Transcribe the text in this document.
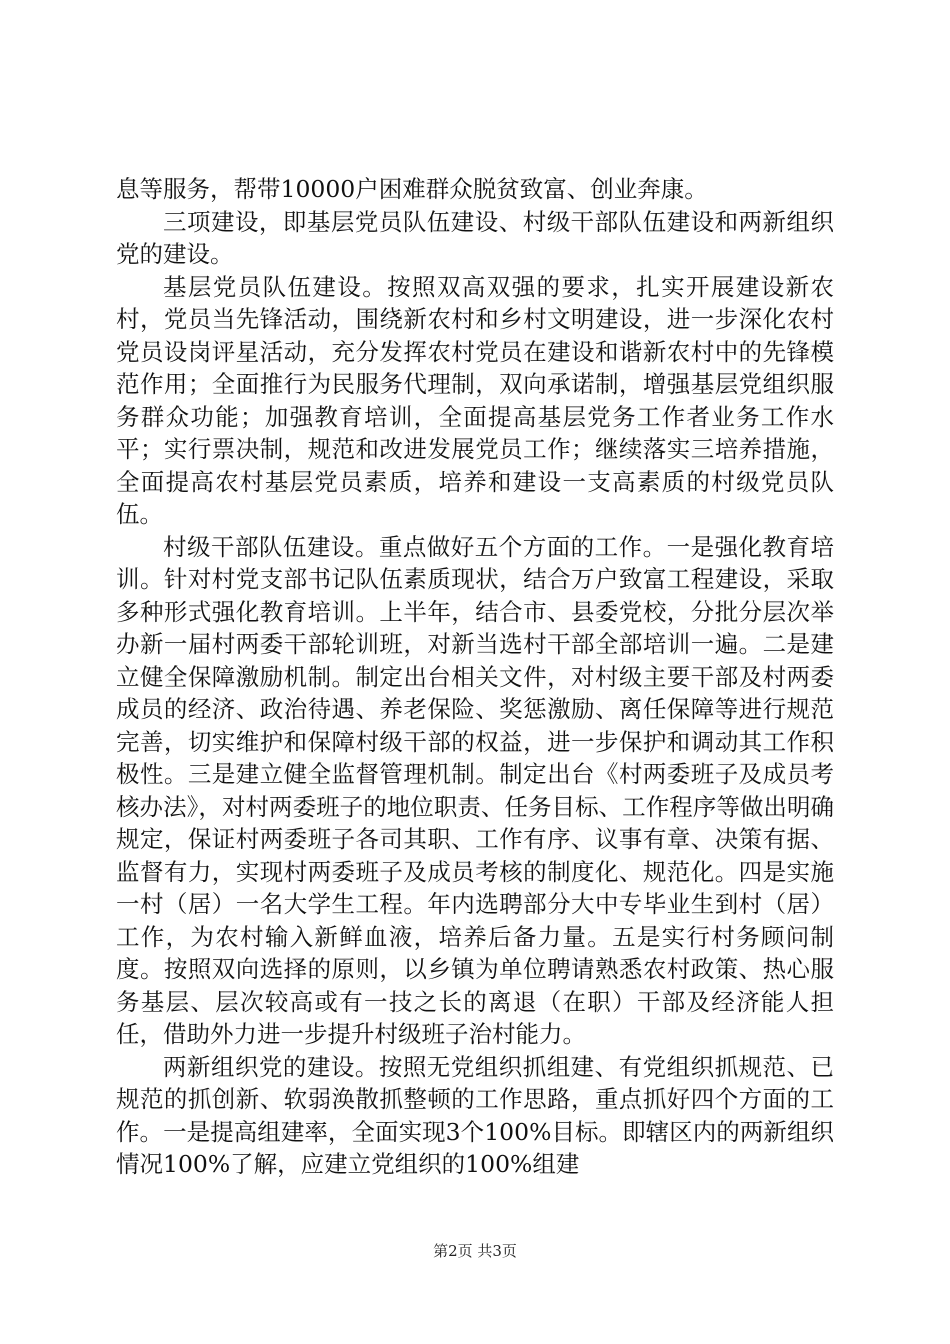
息等服务，帮带10000户困难群众脱贫致富、创业奔康。

三项建设，即基层党员队伍建设、村级干部队伍建设和两新组织党的建设。

基层党员队伍建设。按照双高双强的要求，扎实开展建设新农村，党员当先锋活动，围绕新农村和乡村文明建设，进一步深化农村党员设岗评星活动，充分发挥农村党员在建设和谐新农村中的先锋模范作用；全面推行为民服务代理制，双向承诺制，增强基层党组织服务群众功能；加强教育培训，全面提高基层党务工作者业务工作水平；实行票决制，规范和改进发展党员工作；继续落实三培养措施，全面提高农村基层党员素质，培养和建设一支高素质的村级党员队伍。

村级干部队伍建设。重点做好五个方面的工作。一是强化教育培训。针对村党支部书记队伍素质现状，结合万户致富工程建设，采取多种形式强化教育培训。上半年，结合市、县委党校，分批分层次举办新一届村两委干部轮训班，对新当选村干部全部培训一遍。二是建立健全保障激励机制。制定出台相关文件，对村级主要干部及村两委成员的经济、政治待遇、养老保险、奖惩激励、离任保障等进行规范完善，切实维护和保障村级干部的权益，进一步保护和调动其工作积极性。三是建立健全监督管理机制。制定出台《村两委班子及成员考核办法》，对村两委班子的地位职责、任务目标、工作程序等做出明确规定，保证村两委班子各司其职、工作有序、议事有章、决策有据、监督有力，实现村两委班子及成员考核的制度化、规范化。四是实施一村（居）一名大学生工程。年内选聘部分大中专毕业生到村（居）工作，为农村输入新鲜血液，培养后备力量。五是实行村务顾问制度。按照双向选择的原则，以乡镇为单位聘请熟悉农村政策、热心服务基层、层次较高或有一技之长的离退（在职）干部及经济能人担任，借助外力进一步提升村级班子治村能力。

两新组织党的建设。按照无党组织抓组建、有党组织抓规范、已规范的抓创新、软弱涣散抓整顿的工作思路，重点抓好四个方面的工作。一是提高组建率，全面实现3个100%目标。即辖区内的两新组织情况100%了解，应建立党组织的100%组建

第2页 共3页
